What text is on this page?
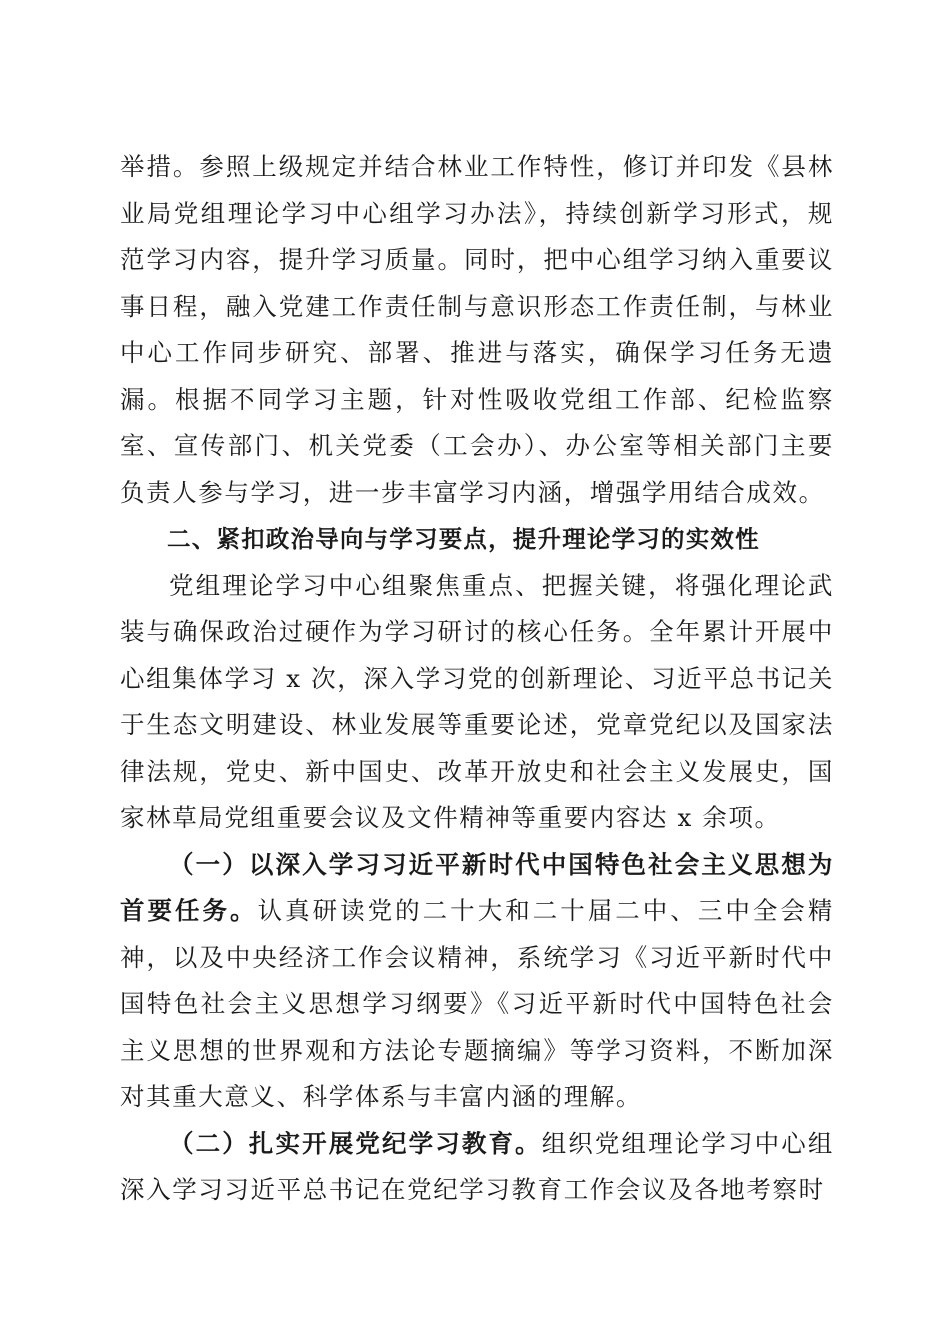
举措。参照上级规定并结合林业工作特性，修订并印发《县林业局党组理论学习中心组学习办法》，持续创新学习形式，规范学习内容，提升学习质量。同时，把中心组学习纳入重要议事日程，融入党建工作责任制与意识形态工作责任制，与林业中心工作同步研究、部署、推进与落实，确保学习任务无遗漏。根据不同学习主题，针对性吸收党组工作部、纪检监察室、宣传部门、机关党委（工会办）、办公室等相关部门主要负责人参与学习，进一步丰富学习内涵，增强学用结合成效。

二、紧扣政治导向与学习要点，提升理论学习的实效性

党组理论学习中心组聚焦重点、把握关键，将强化理论武装与确保政治过硬作为学习研讨的核心任务。全年累计开展中心组集体学习 x 次，深入学习党的创新理论、习近平总书记关于生态文明建设、林业发展等重要论述，党章党纪以及国家法律法规，党史、新中国史、改革开放史和社会主义发展史，国家林草局党组重要会议及文件精神等重要内容达 x 余项。

（一）以深入学习习近平新时代中国特色社会主义思想为首要任务。认真研读党的二十大和二十届二中、三中全会精神，以及中央经济工作会议精神，系统学习《习近平新时代中国特色社会主义思想学习纲要》《习近平新时代中国特色社会主义思想的世界观和方法论专题摘编》等学习资料，不断加深对其重大意义、科学体系与丰富内涵的理解。

（二）扎实开展党纪学习教育。组织党组理论学习中心组深入学习习近平总书记在党纪学习教育工作会议及各地考察时
